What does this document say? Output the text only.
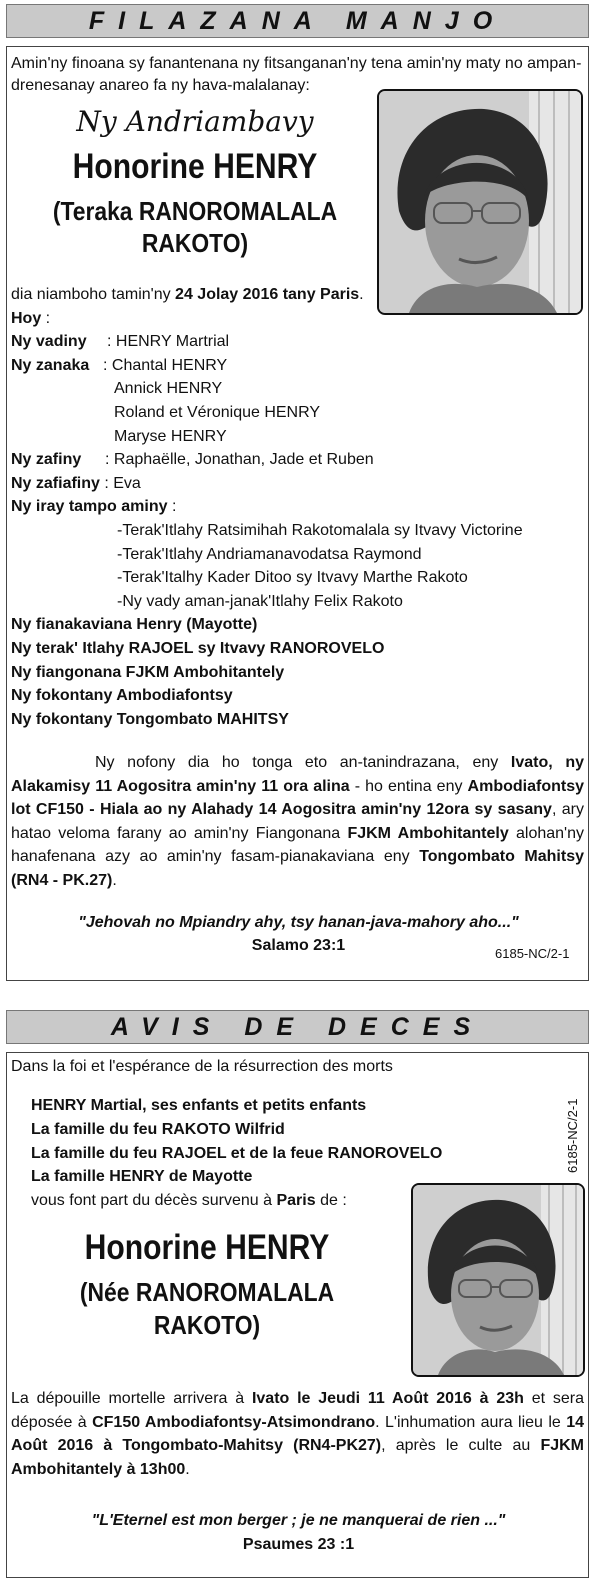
FILAZANA MANJO
Amin'ny finoana sy fanantenana ny fitsanganan'ny tena amin'ny maty no ampan-
drenesanay anareo fa ny hava-malalanay:
Ny Andriambavy
Honorine HENRY
(Teraka RANOROMALALA
RAKOTO)
dia niamboho tamin'ny 24 Jolay 2016 tany Paris.
Hoy :
Ny vadiny : HENRY Martrial
Ny zanaka : Chantal HENRY
Annick HENRY
Roland et Véronique HENRY
Maryse HENRY
Ny zafiny : Raphaëlle, Jonathan, Jade et Ruben
Ny zafiafiny : Eva
Ny iray tampo aminy :
-Terak'Itlahy Ratsimihah Rakotomalala sy Itvavy Victorine
-Terak'Itlahy Andriamanavodatsa Raymond
-Terak'Italhy Kader Ditoo sy Itvavy Marthe Rakoto
-Ny vady aman-janak'Itlahy Felix Rakoto
Ny fianakaviana Henry (Mayotte)
Ny terak' Itlahy RAJOEL sy Itvavy RANOROVELO
Ny fiangonana FJKM Ambohitantely
Ny fokontany Ambodiafontsy
Ny fokontany Tongombato MAHITSY
Ny nofony dia ho tonga eto an-tanindrazana, eny Ivato, ny Alakamisy 11 Aogositra amin'ny 11 ora alina - ho entina eny Ambodiafontsy lot CF150 - Hiala ao ny Alahady 14 Aogositra amin'ny 12ora sy sasany, ary hatao veloma farany ao amin'ny Fiangonana FJKM Ambohitantely alohan'ny hanafenana azy ao amin'ny fasam-pianakaviana eny Tongombato Mahitsy (RN4 - PK.27).
"Jehovah no Mpiandry ahy, tsy hanan-java-mahory aho..."
Salamo 23:1	6185-NC/2-1
AVIS DE DECES
Dans la foi et l'espérance de la résurrection des morts
HENRY Martial, ses enfants et petits enfants
La famille du feu RAKOTO Wilfrid
La famille du feu RAJOEL et de la feue RANOROVELO
La famille HENRY de Mayotte
vous font part du décès survenu à Paris de :
Honorine HENRY
(Née RANOROMALALA
RAKOTO)
6185-NC/2-1
La dépouille mortelle arrivera à Ivato le Jeudi 11 Août 2016 à 23h et sera déposée à CF150 Ambodiafontsy-Atsimondrano. L'inhumation aura lieu le 14 Août 2016 à Tongombato-Mahitsy (RN4-PK27), après le culte au FJKM Ambohitantely à 13h00.
"L'Eternel est mon berger ; je ne manquerai de rien ..."
Psaumes 23 :1
